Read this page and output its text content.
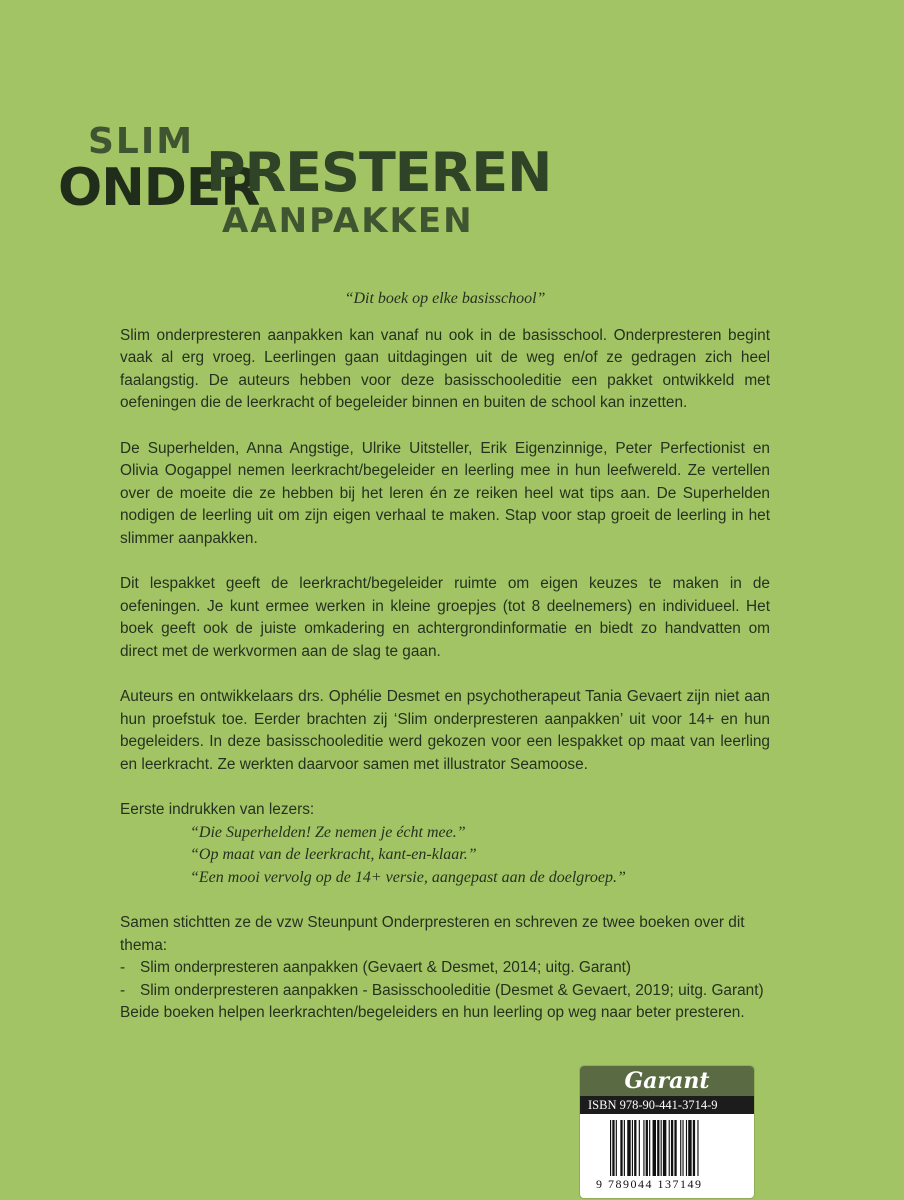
SLIM
ONDER
PRESTEREN
AANPAKKEN
“Dit boek op elke basisschool”

Slim onderpresteren aanpakken kan vanaf nu ook in de basisschool. Onderpresteren begint vaak al erg vroeg. Leerlingen gaan uitdagingen uit de weg en/of ze gedragen zich heel faalangstig. De auteurs hebben voor deze basisschooleditie een pakket ontwikkeld met oefeningen die de leerkracht of begeleider binnen en buiten de school kan inzetten.

De Superhelden, Anna Angstige, Ulrike Uitsteller, Erik Eigenzinnige, Peter Perfectionist en Olivia Oogappel nemen leerkracht/begeleider en leerling mee in hun leefwereld. Ze vertellen over de moeite die ze hebben bij het leren én ze reiken heel wat tips aan. De Superhelden nodigen de leerling uit om zijn eigen verhaal te maken. Stap voor stap groeit de leerling in het slimmer aanpakken.

Dit lespakket geeft de leerkracht/begeleider ruimte om eigen keuzes te maken in de oefeningen. Je kunt ermee werken in kleine groepjes (tot 8 deelnemers) en individueel. Het boek geeft ook de juiste omkadering en achtergrondinformatie en biedt zo handvatten om direct met de werkvormen aan de slag te gaan.

Auteurs en ontwikkelaars drs. Ophélie Desmet en psychotherapeut Tania Gevaert zijn niet aan hun proefstuk toe. Eerder brachten zij ‘Slim onderpresteren aanpakken’ uit voor 14+ en hun begeleiders. In deze basisschooleditie werd gekozen voor een lespakket op maat van leerling en leerkracht. Ze werkten daarvoor samen met illustrator Seamoose.

Eerste indrukken van lezers:

“Die Superhelden! Ze nemen je écht mee.”
“Op maat van de leerkracht, kant-en-klaar.”
“Een mooi vervolg op de 14+ versie, aangepast aan de doelgroep.”

Samen stichtten ze de vzw Steunpunt Onderpresteren en schreven ze twee boeken over dit thema:
- Slim onderpresteren aanpakken (Gevaert & Desmet, 2014; uitg. Garant)
- Slim onderpresteren aanpakken - Basisschooleditie (Desmet & Gevaert, 2019; uitg. Garant)
Beide boeken helpen leerkrachten/begeleiders en hun leerling op weg naar beter presteren.
Garant
ISBN 978-90-441-3714-9
9 789044 137149
